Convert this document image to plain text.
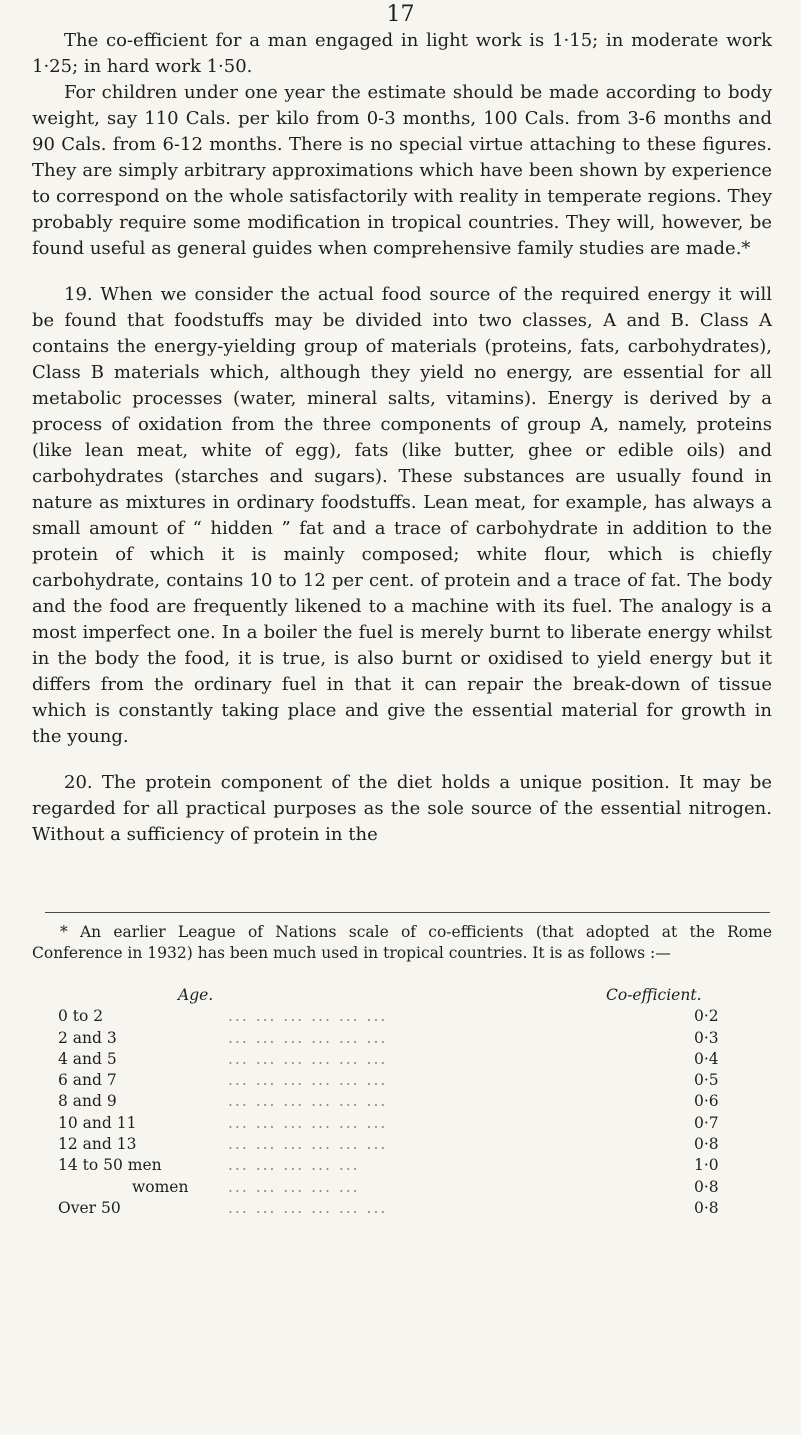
17

The co-efficient for a man engaged in light work is 1·15; in moderate work 1·25; in hard work 1·50.

For children under one year the estimate should be made according to body weight, say 110 Cals. per kilo from 0-3 months, 100 Cals. from 3-6 months and 90 Cals. from 6-12 months. There is no special virtue attaching to these figures. They are simply arbitrary approximations which have been shown by experience to correspond on the whole satisfactorily with reality in temperate regions. They probably require some modification in tropical countries. They will, however, be found useful as general guides when comprehensive family studies are made.*

19. When we consider the actual food source of the required energy it will be found that foodstuffs may be divided into two classes, A and B. Class A contains the energy-yielding group of materials (proteins, fats, carbohydrates), Class B materials which, although they yield no energy, are essential for all metabolic processes (water, mineral salts, vitamins). Energy is derived by a process of oxidation from the three components of group A, namely, proteins (like lean meat, white of egg), fats (like butter, ghee or edible oils) and carbohydrates (starches and sugars). These substances are usually found in nature as mixtures in ordinary foodstuffs. Lean meat, for example, has always a small amount of “ hidden ” fat and a trace of carbohydrate in addition to the protein of which it is mainly composed; white flour, which is chiefly carbohydrate, contains 10 to 12 per cent. of protein and a trace of fat. The body and the food are frequently likened to a machine with its fuel. The analogy is a most imperfect one. In a boiler the fuel is merely burnt to liberate energy whilst in the body the food, it is true, is also burnt or oxidised to yield energy but it differs from the ordinary fuel in that it can repair the break-down of tissue which is constantly taking place and give the essential material for growth in the young.

20. The protein component of the diet holds a unique position. It may be regarded for all practical purposes as the sole source of the essential nitrogen. Without a sufficiency of protein in the

* An earlier League of Nations scale of co-efficients (that adopted at the Rome Conference in 1932) has been much used in tropical countries. It is as follows :—

Age.	Co-efficient.
0 to 2	... ... ... ... ... ...	0·2
2 and 3	... ... ... ... ... ...	0·3
4 and 5	... ... ... ... ... ...	0·4
6 and 7	... ... ... ... ... ...	0·5
8 and 9	... ... ... ... ... ...	0·6
10 and 11	... ... ... ... ... ...	0·7
12 and 13	... ... ... ... ... ...	0·8
14 to 50 men	... ... ... ... ...	1·0
women	... ... ... ... ...	0·8
Over 50	... ... ... ... ... ...	0·8
